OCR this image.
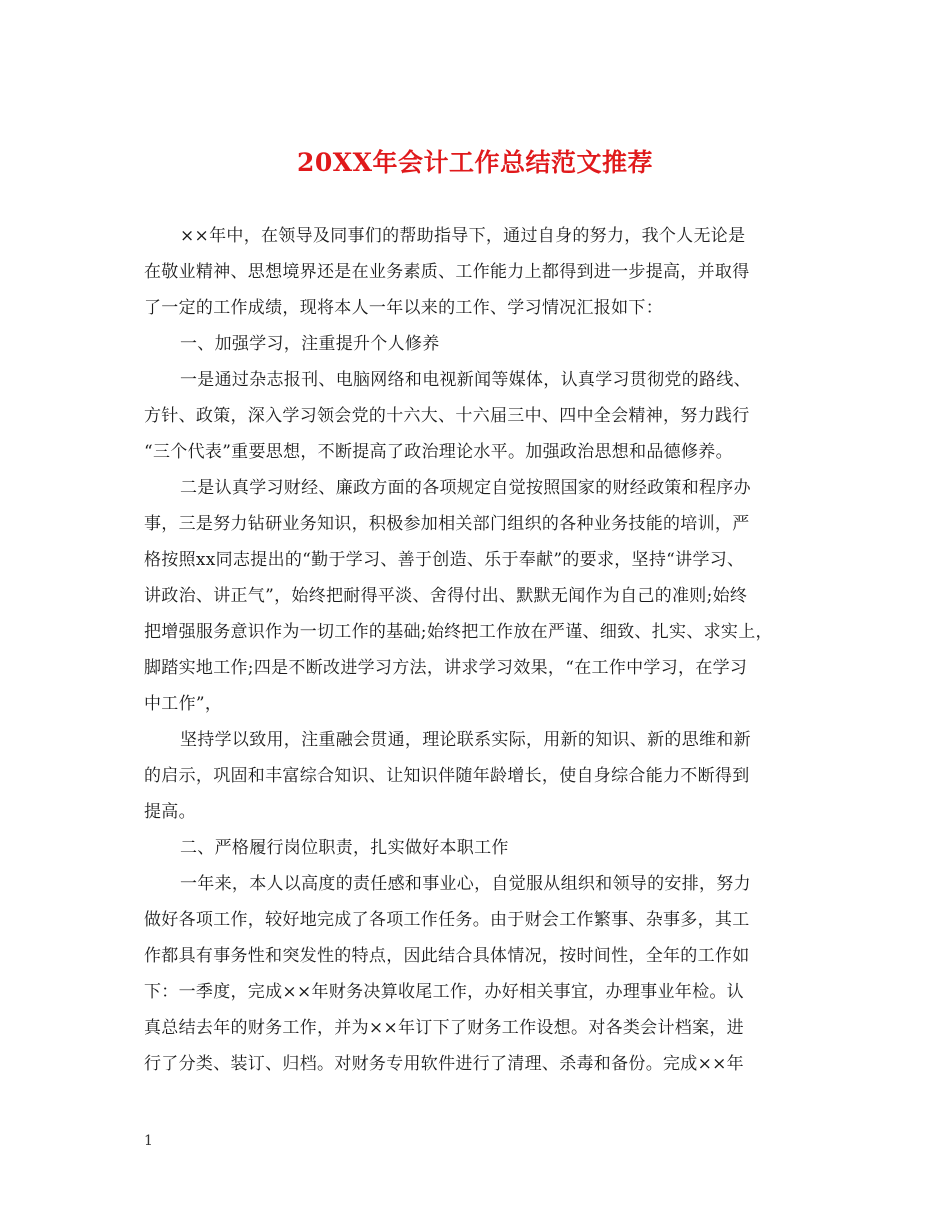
20XX年会计工作总结范文推荐
××年中，在领导及同事们的帮助指导下，通过自身的努力，我个人无论是
在敬业精神、思想境界还是在业务素质、工作能力上都得到进一步提高，并取得
了一定的工作成绩，现将本人一年以来的工作、学习情况汇报如下：
一、加强学习，注重提升个人修养
一是通过杂志报刊、电脑网络和电视新闻等媒体，认真学习贯彻党的路线、
方针、政策，深入学习领会党的十六大、十六届三中、四中全会精神，努力践行
“三个代表”重要思想，不断提高了政治理论水平。加强政治思想和品德修养。
二是认真学习财经、廉政方面的各项规定自觉按照国家的财经政策和程序办
事，三是努力钻研业务知识，积极参加相关部门组织的各种业务技能的培训，严
格按照xx同志提出的“勤于学习、善于创造、乐于奉献”的要求，坚持“讲学习、
讲政治、讲正气”，始终把耐得平淡、舍得付出、默默无闻作为自己的准则;始终
把增强服务意识作为一切工作的基础;始终把工作放在严谨、细致、扎实、求实上，
脚踏实地工作;四是不断改进学习方法，讲求学习效果，“在工作中学习，在学习
中工作”，
坚持学以致用，注重融会贯通，理论联系实际，用新的知识、新的思维和新
的启示，巩固和丰富综合知识、让知识伴随年龄增长，使自身综合能力不断得到
提高。
二、严格履行岗位职责，扎实做好本职工作
一年来，本人以高度的责任感和事业心，自觉服从组织和领导的安排，努力
做好各项工作，较好地完成了各项工作任务。由于财会工作繁事、杂事多，其工
作都具有事务性和突发性的特点，因此结合具体情况，按时间性，全年的工作如
下：一季度，完成××年财务决算收尾工作，办好相关事宜，办理事业年检。认
真总结去年的财务工作，并为××年订下了财务工作设想。对各类会计档案，进
行了分类、装订、归档。对财务专用软件进行了清理、杀毒和备份。完成××年
1
